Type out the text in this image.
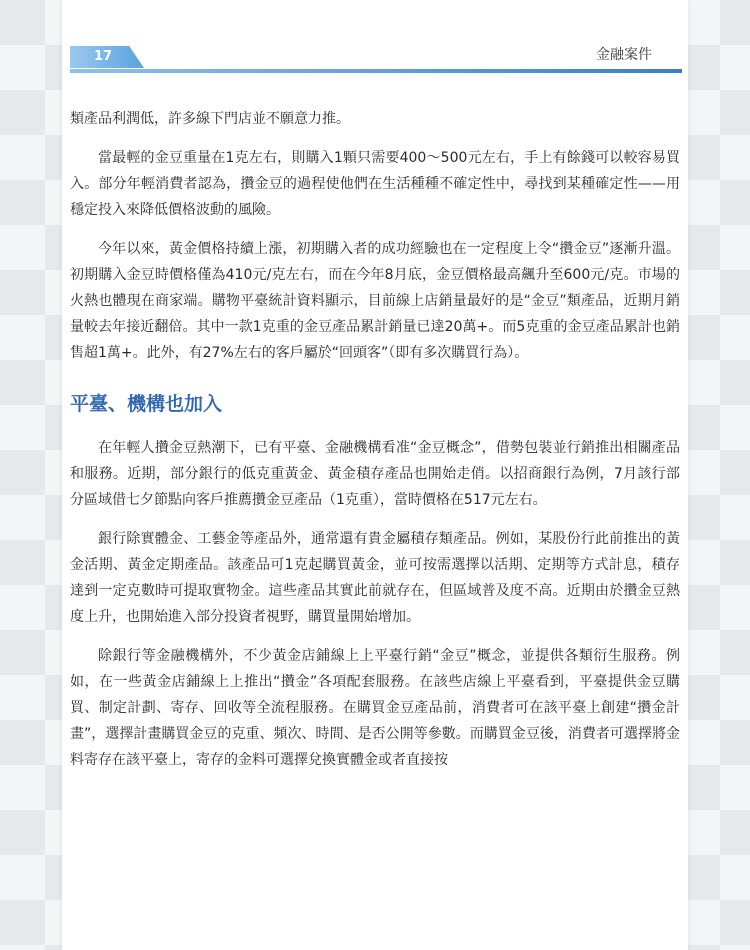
17	金融案件

類產品利潤低，許多線下門店並不願意力推。

當最輕的金豆重量在1克左右，則購入1顆只需要400～500元左右，手上有餘錢可以較容易買入。部分年輕消費者認為，攢金豆的過程使他們在生活種種不確定性中，尋找到某種確定性——用穩定投入來降低價格波動的風險。

今年以來，黃金價格持續上漲，初期購入者的成功經驗也在一定程度上令“攢金豆”逐漸升溫。初期購入金豆時價格僅為410元/克左右，而在今年8月底，金豆價格最高飆升至600元/克。市場的火熱也體現在商家端。購物平臺統計資料顯示，目前線上店銷量最好的是“金豆”類產品，近期月銷量較去年接近翻倍。其中一款1克重的金豆產品累計銷量已達20萬+。而5克重的金豆產品累計也銷售超1萬+。此外，有27%左右的客戶屬於“回頭客”（即有多次購買行為）。

平臺、機構也加入

在年輕人攢金豆熱潮下，已有平臺、金融機構看准“金豆概念”，借勢包裝並行銷推出相關產品和服務。近期，部分銀行的低克重黃金、黃金積存產品也開始走俏。以招商銀行為例，7月該行部分區域借七夕節點向客戶推薦攢金豆產品（1克重），當時價格在517元左右。

銀行除實體金、工藝金等產品外，通常還有貴金屬積存類產品。例如，某股份行此前推出的黃金活期、黃金定期產品。該產品可1克起購買黃金，並可按需選擇以活期、定期等方式計息，積存達到一定克數時可提取實物金。這些產品其實此前就存在，但區域普及度不高。近期由於攢金豆熱度上升，也開始進入部分投資者視野，購買量開始增加。

除銀行等金融機構外，不少黃金店鋪線上上平臺行銷“金豆”概念，並提供各類衍生服務。例如，在一些黃金店鋪線上上推出“攢金”各項配套服務。在該些店線上平臺看到，平臺提供金豆購買、制定計劃、寄存、回收等全流程服務。在購買金豆產品前，消費者可在該平臺上創建“攢金計畫”，選擇計畫購買金豆的克重、頻次、時間、是否公開等參數。而購買金豆後，消費者可選擇將金料寄存在該平臺上，寄存的金料可選擇兌換實體金或者直接按
